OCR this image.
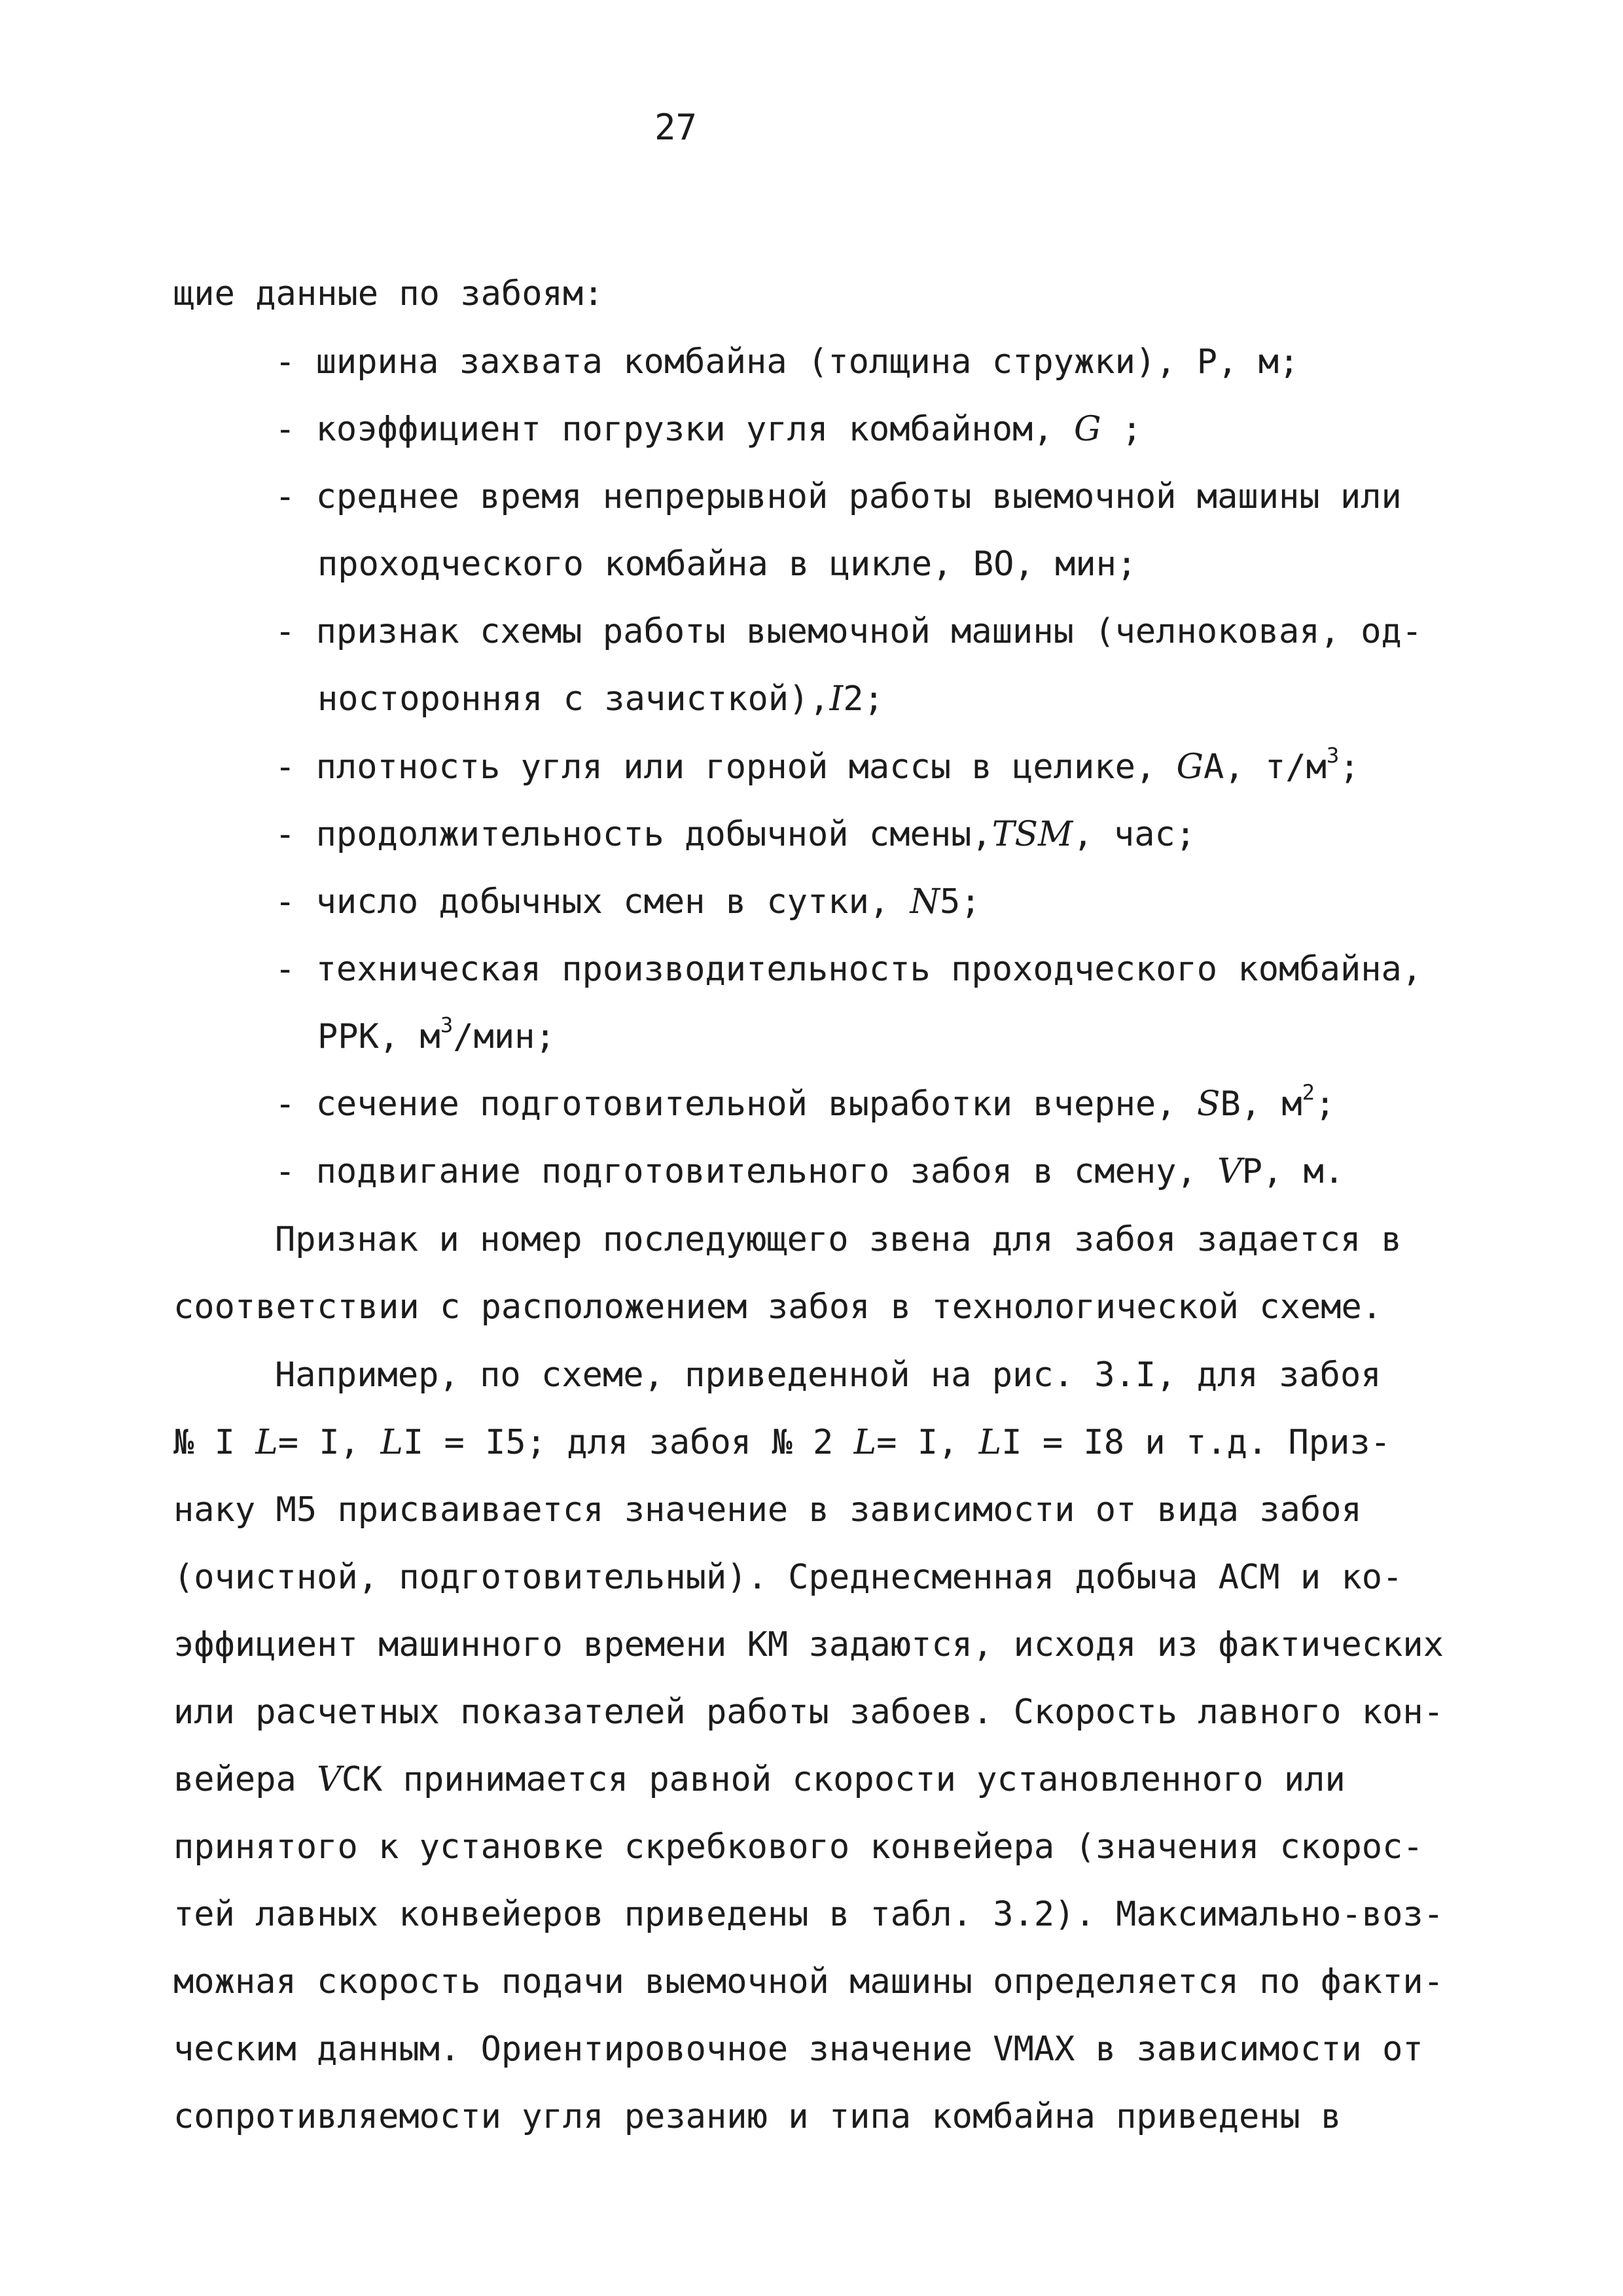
27
щие данные по забоям:
- ширина захвата комбайна (толщина стружки), P, м;
- коэффициент погрузки угля комбайном, G ;
- среднее время непрерывной работы выемочной машины или
проходческого комбайна в цикле, BO, мин;
- признак схемы работы выемочной машины (челноковая, од-
носторонняя с зачисткой),I2;
- плотность угля или горной массы в целике, GA, $т/м^3$;
- продолжительность добычной смены,TSM, час;
- число добычных смен в сутки, N5;
- техническая производительность проходческого комбайна,
PPK, $м^3$/мин;
- сечение подготовительной выработки вчерне, SB, $м^2$;
- подвигание подготовительного забоя в смену, VP, м.
Признак и номер последующего звена для забоя задается в
соответствии с расположением забоя в технологической схеме.
Например, по схеме, приведенной на рис. 3.I, для забоя
№ I L= I, LI = I5; для забоя № 2 L= I, LI = I8 и т.д. Приз-
наку M5 присваивается значение в зависимости от вида забоя
(очистной, подготовительный). Среднесменная добыча ACM и ко-
эффициент машинного времени KM задаются, исходя из фактических
или расчетных показателей работы забоев. Скорость лавного кон-
вейера VCK принимается равной скорости установленного или
принятого к установке скребкового конвейера (значения скорос-
тей лавных конвейеров приведены в табл. 3.2). Максимально-воз-
можная скорость подачи выемочной машины определяется по факти-
ческим данным. Ориентировочное значение VMAX в зависимости от
сопротивляемости угля резанию и типа комбайна приведены в
